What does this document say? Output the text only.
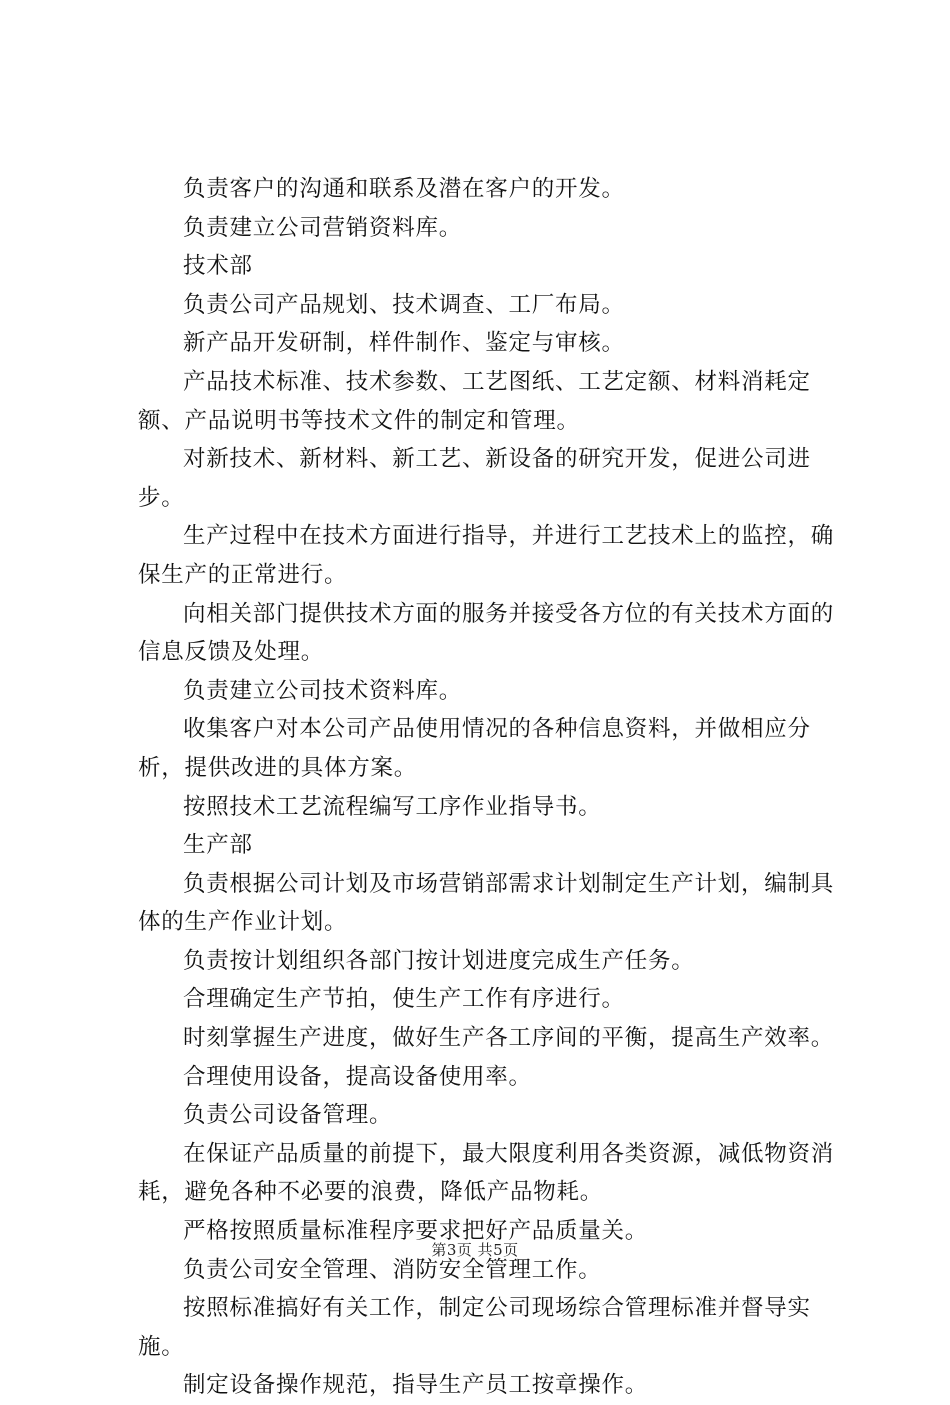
负责客户的沟通和联系及潜在客户的开发。

负责建立公司营销资料库。

技术部

负责公司产品规划、技术调查、工厂布局。

新产品开发研制，样件制作、鉴定与审核。

产品技术标准、技术参数、工艺图纸、工艺定额、材料消耗定额、产品说明书等技术文件的制定和管理。

对新技术、新材料、新工艺、新设备的研究开发，促进公司进步。

生产过程中在技术方面进行指导，并进行工艺技术上的监控，确保生产的正常进行。

向相关部门提供技术方面的服务并接受各方位的有关技术方面的信息反馈及处理。

负责建立公司技术资料库。

收集客户对本公司产品使用情况的各种信息资料，并做相应分析，提供改进的具体方案。

按照技术工艺流程编写工序作业指导书。

生产部

负责根据公司计划及市场营销部需求计划制定生产计划，编制具体的生产作业计划。

负责按计划组织各部门按计划进度完成生产任务。

合理确定生产节拍，使生产工作有序进行。

时刻掌握生产进度，做好生产各工序间的平衡，提高生产效率。

合理使用设备，提高设备使用率。

负责公司设备管理。

在保证产品质量的前提下，最大限度利用各类资源，减低物资消耗，避免各种不必要的浪费，降低产品物耗。

严格按照质量标准程序要求把好产品质量关。

负责公司安全管理、消防安全管理工作。

按照标准搞好有关工作，制定公司现场综合管理标准并督导实施。

制定设备操作规范，指导生产员工按章操作。

第3页 共5页
